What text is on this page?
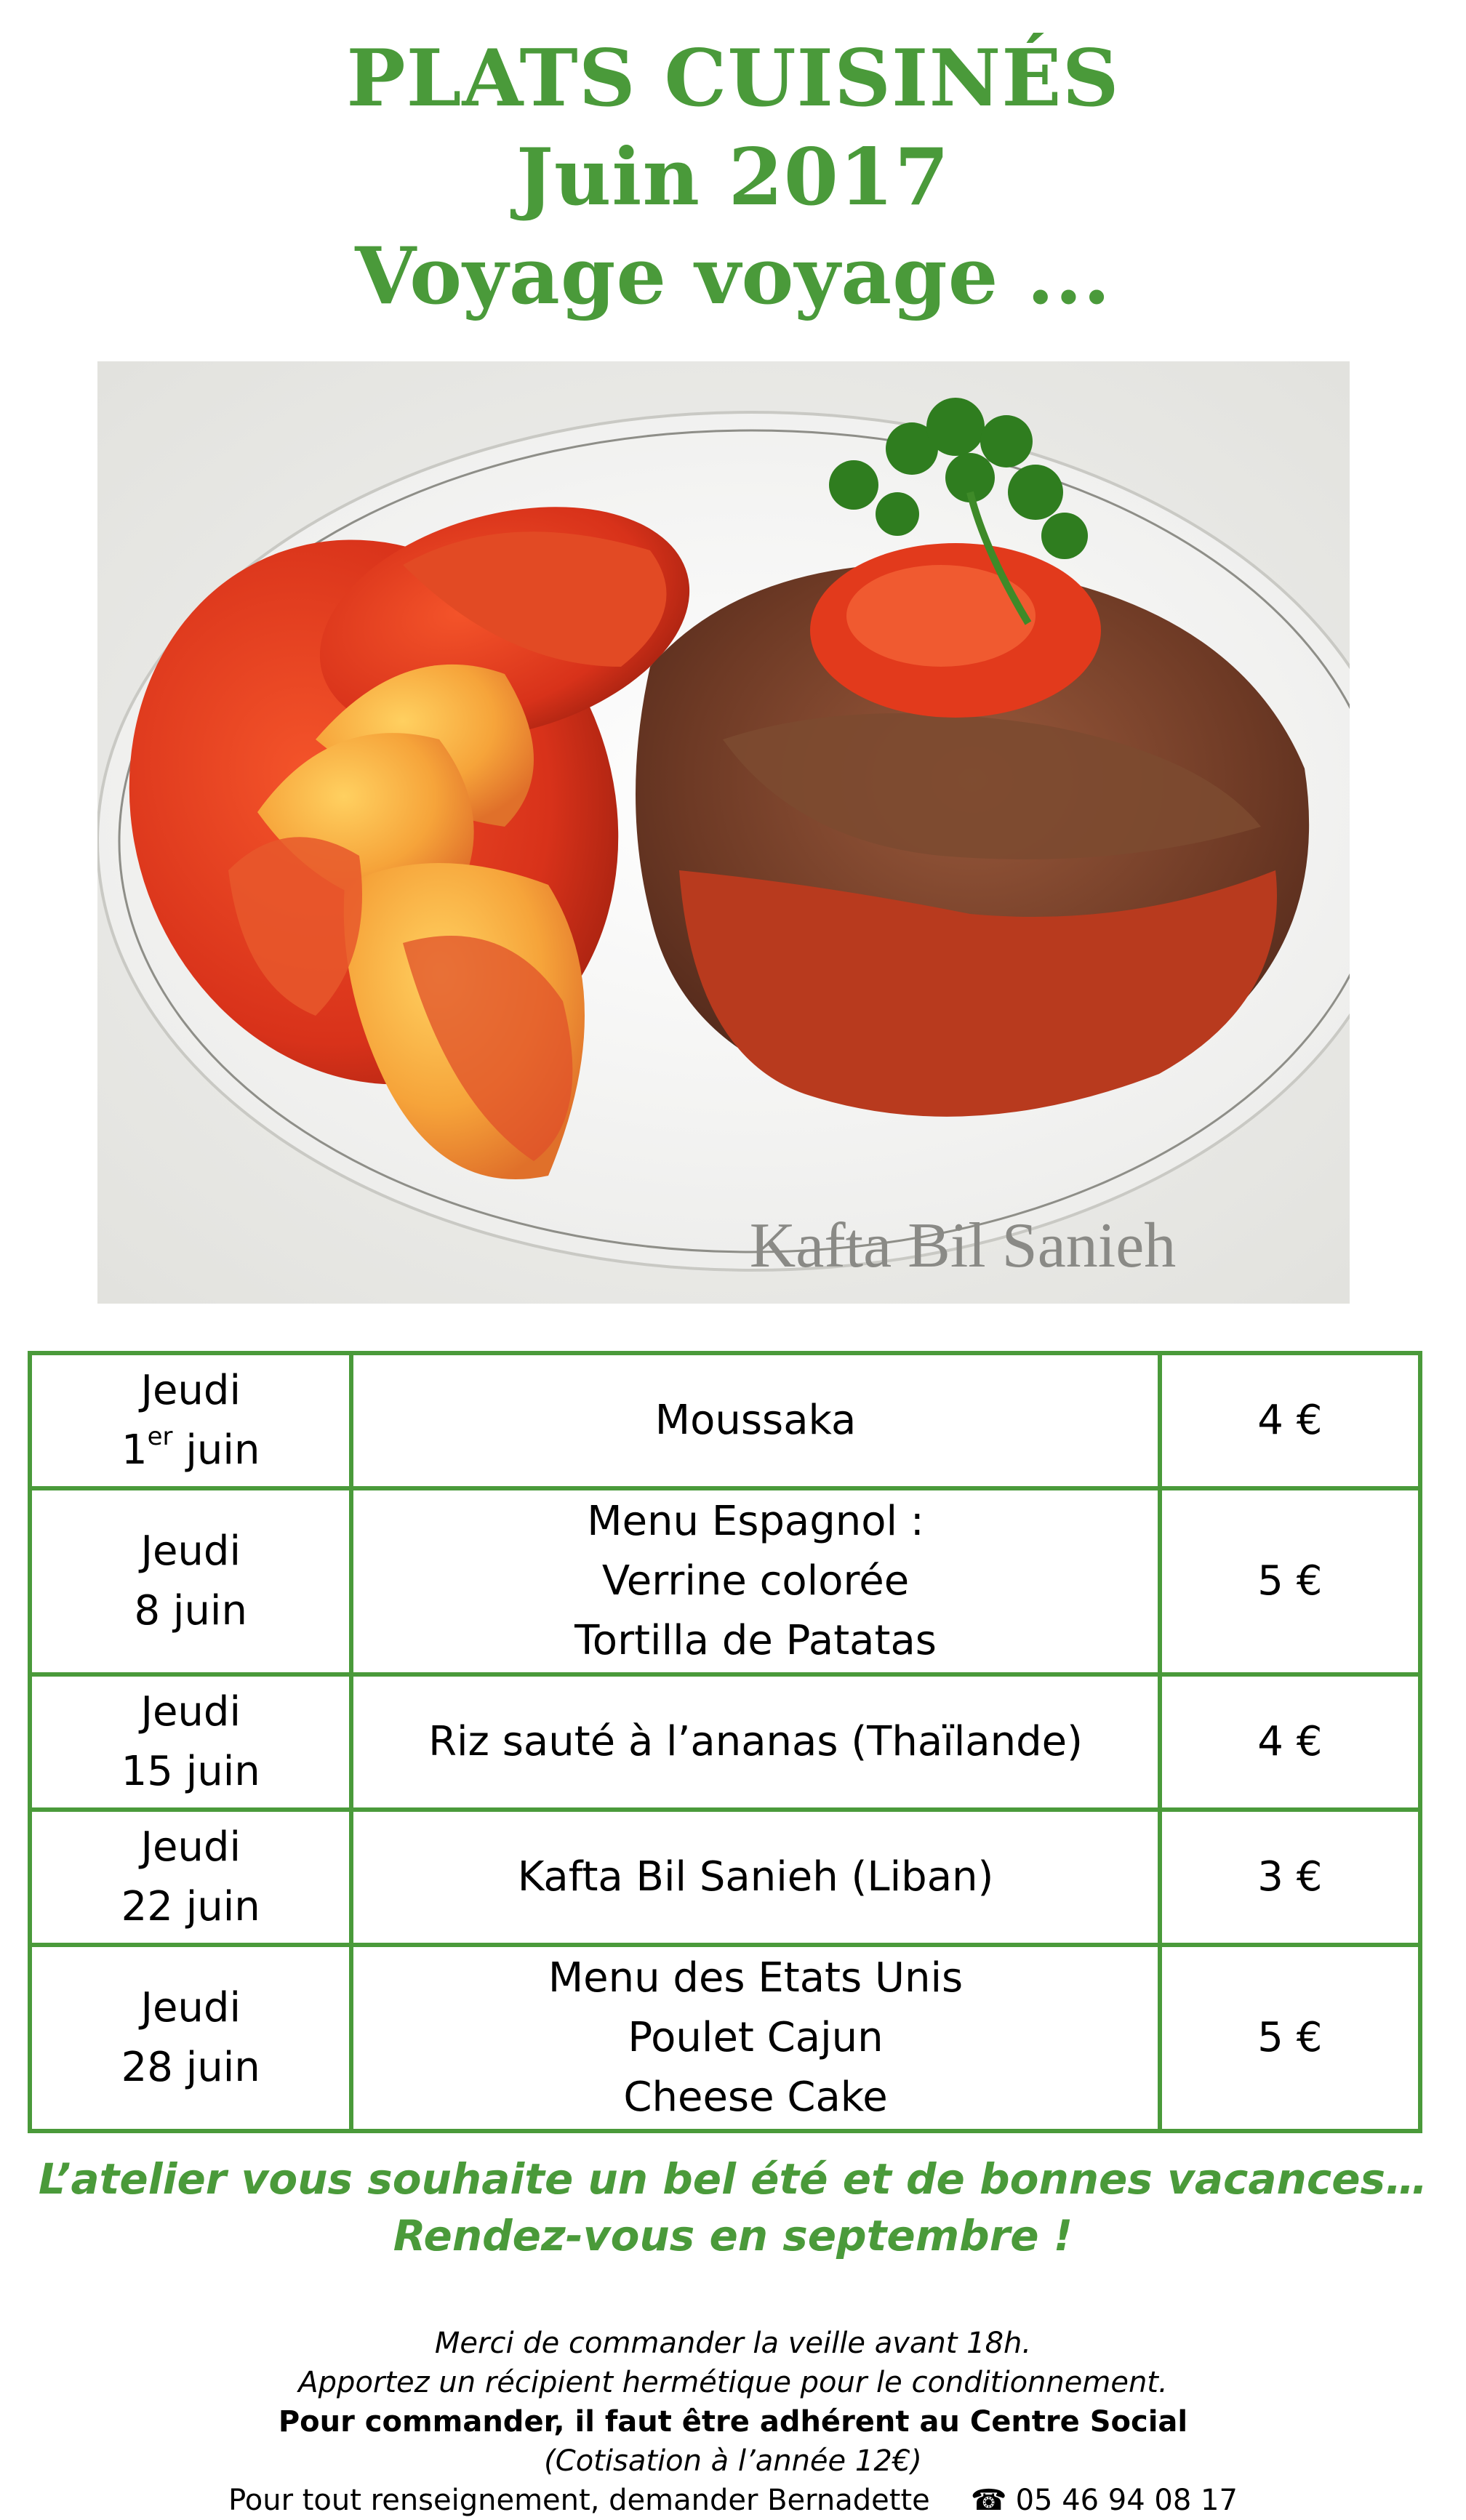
PLATS CUISINÉS
Juin 2017
Voyage voyage ...
Kafta Bil Sanieh
Jeudi
1er juin	Moussaka	4 €

Jeudi
8 juin	Menu Espagnol :
Verrine colorée
Tortilla de Patatas	5 €

Jeudi
15 juin	Riz sauté à l’ananas (Thaïlande)	4 €

Jeudi
22 juin	Kafta Bil Sanieh (Liban)	3 €

Jeudi
28 juin	Menu des Etats Unis
Poulet Cajun
Cheese Cake	5 €
L’atelier vous souhaite un bel été et de bonnes vacances…
Rendez-vous en septembre !
Merci de commander la veille avant 18h.
Apportez un récipient hermétique pour le conditionnement.
Pour commander, il faut être adhérent au Centre Social
(Cotisation à l’année 12€)
Pour tout renseignement, demander Bernadette ☎ 05 46 94 08 17
